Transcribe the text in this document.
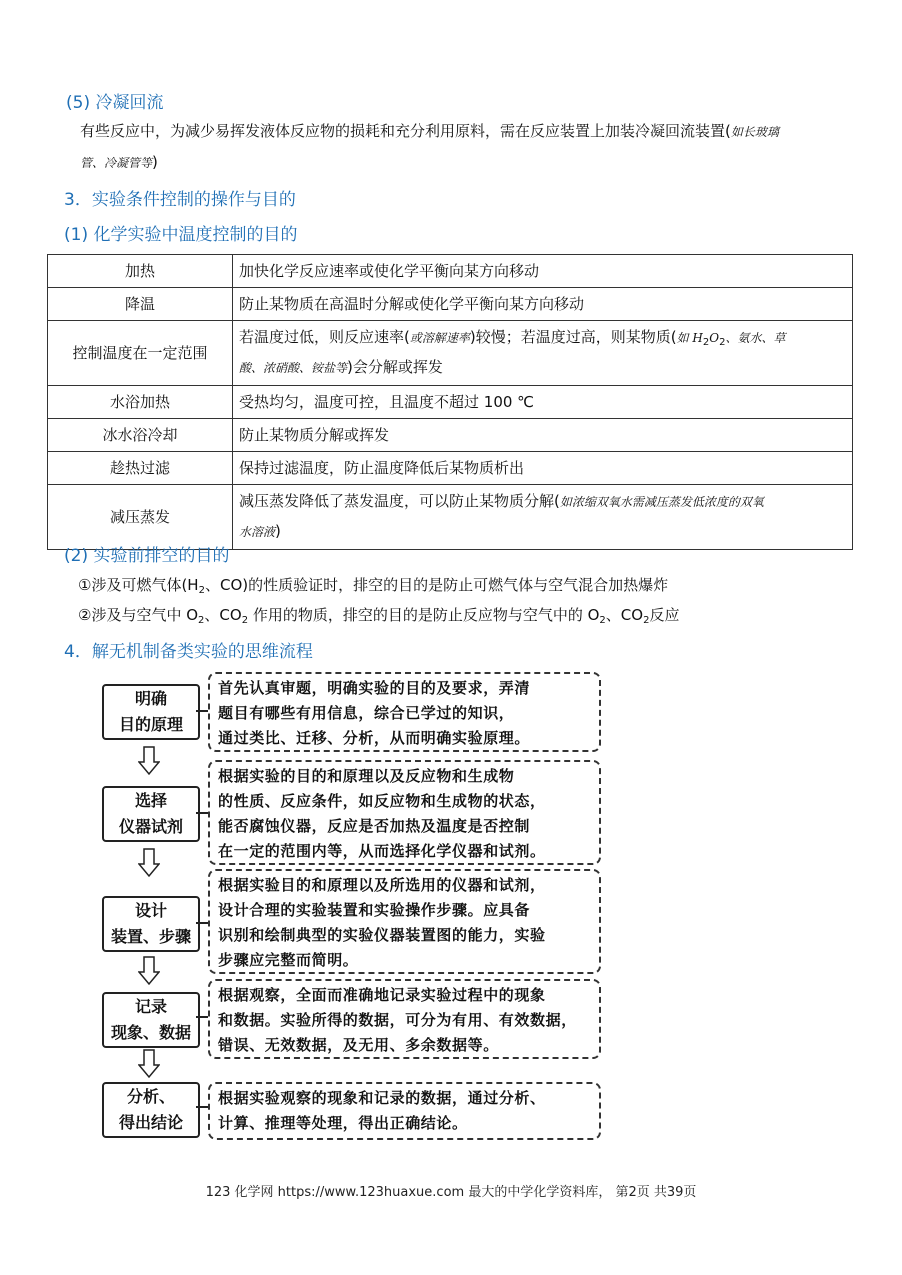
(5) 冷凝回流
有些反应中，为减少易挥发液体反应物的损耗和充分利用原料，需在反应装置上加装冷凝回流装置(如长玻璃
管、冷凝管等)
3．实验条件控制的操作与目的
(1) 化学实验中温度控制的目的
加热	加快化学反应速率或使化学平衡向某方向移动
降温	防止某物质在高温时分解或使化学平衡向某方向移动
控制温度在一定范围	若温度过低，则反应速率(或溶解速率)较慢；若温度过高，则某物质(如 $H_2O_2$、氨水、草
酸、浓硝酸、铵盐等)会分解或挥发
水浴加热	受热均匀，温度可控，且温度不超过 100 ℃
冰水浴冷却	防止某物质分解或挥发
趁热过滤	保持过滤温度，防止温度降低后某物质析出
减压蒸发	减压蒸发降低了蒸发温度，可以防止某物质分解(如浓缩双氧水需减压蒸发低浓度的双氧
水溶液)
(2) 实验前排空的目的
①涉及可燃气体($H_2$、CO)的性质验证时，排空的目的是防止可燃气体与空气混合加热爆炸
②涉及与空气中 $O_2$、$CO_2$ 作用的物质，排空的目的是防止反应物与空气中的 $O_2$、$CO_2$反应
4．解无机制备类实验的思维流程
明确
目的原理
首先认真审题，明确实验的目的及要求，弄清
题目有哪些有用信息，综合已学过的知识，
通过类比、迁移、分析，从而明确实验原理。
选择
仪器试剂
根据实验的目的和原理以及反应物和生成物
的性质、反应条件，如反应物和生成物的状态，
能否腐蚀仪器，反应是否加热及温度是否控制
在一定的范围内等，从而选择化学仪器和试剂。
设计
装置、步骤
根据实验目的和原理以及所选用的仪器和试剂，
设计合理的实验装置和实验操作步骤。应具备
识别和绘制典型的实验仪器装置图的能力，实验
步骤应完整而简明。
记录
现象、数据
根据观察，全面而准确地记录实验过程中的现象
和数据。实验所得的数据，可分为有用、有效数据，
错误、无效数据，及无用、多余数据等。
分析、
得出结论
根据实验观察的现象和记录的数据，通过分析、
计算、推理等处理，得出正确结论。
123 化学网 https://www.123huaxue.com 最大的中学化学资料库， 第2页 共39页
